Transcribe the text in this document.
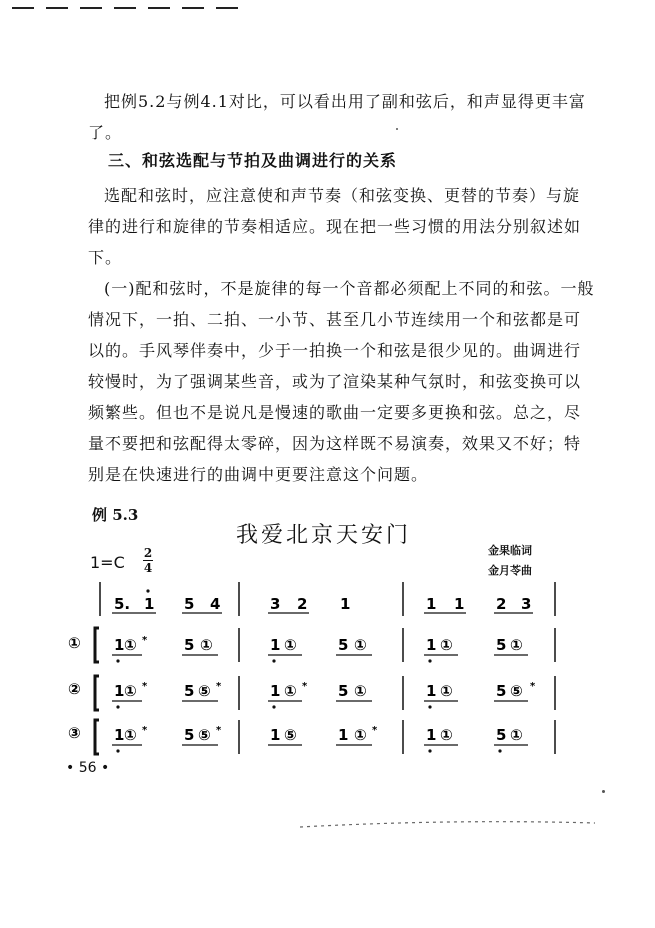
把例5.2与例4.1对比，可以看出用了副和弦后，和声显得更丰富了。

三、和弦选配与节拍及曲调进行的关系

选配和弦时，应注意使和声节奏（和弦变换、更替的节奏）与旋律的进行和旋律的节奏相适应。现在把一些习惯的用法分别叙述如下。

(一)配和弦时，不是旋律的每一个音都必须配上不同的和弦。一般情况下，一拍、二拍、一小节、甚至几小节连续用一个和弦都是可以的。手风琴伴奏中，少于一拍换一个和弦是很少见的。曲调进行较慢时，为了强调某些音，或为了渲染某种气氛时，和弦变换可以频繁些。但也不是说凡是慢速的歌曲一定要多更换和弦。总之，尽量不要把和弦配得太零碎，因为这样既不易演奏，效果又不好；特别是在快速进行的曲调中更要注意这个问题。

例 5.3
我爱北京天安门
金果临词
金月苓曲
1=C 2
4
5. 1 5 4	3 2 1	1 1 2 3
①
②
③
1 ① * 5 ①	1 ①	5 ①	1 ①	5 ①
1 ① * 5 ⑤ *	1 ① * 5 ①	1 ①	5 ⑤ *
1 ① * 5 ⑤ *	1 ⑤	1 ① *	1 ①	5 ①
• 56 •
